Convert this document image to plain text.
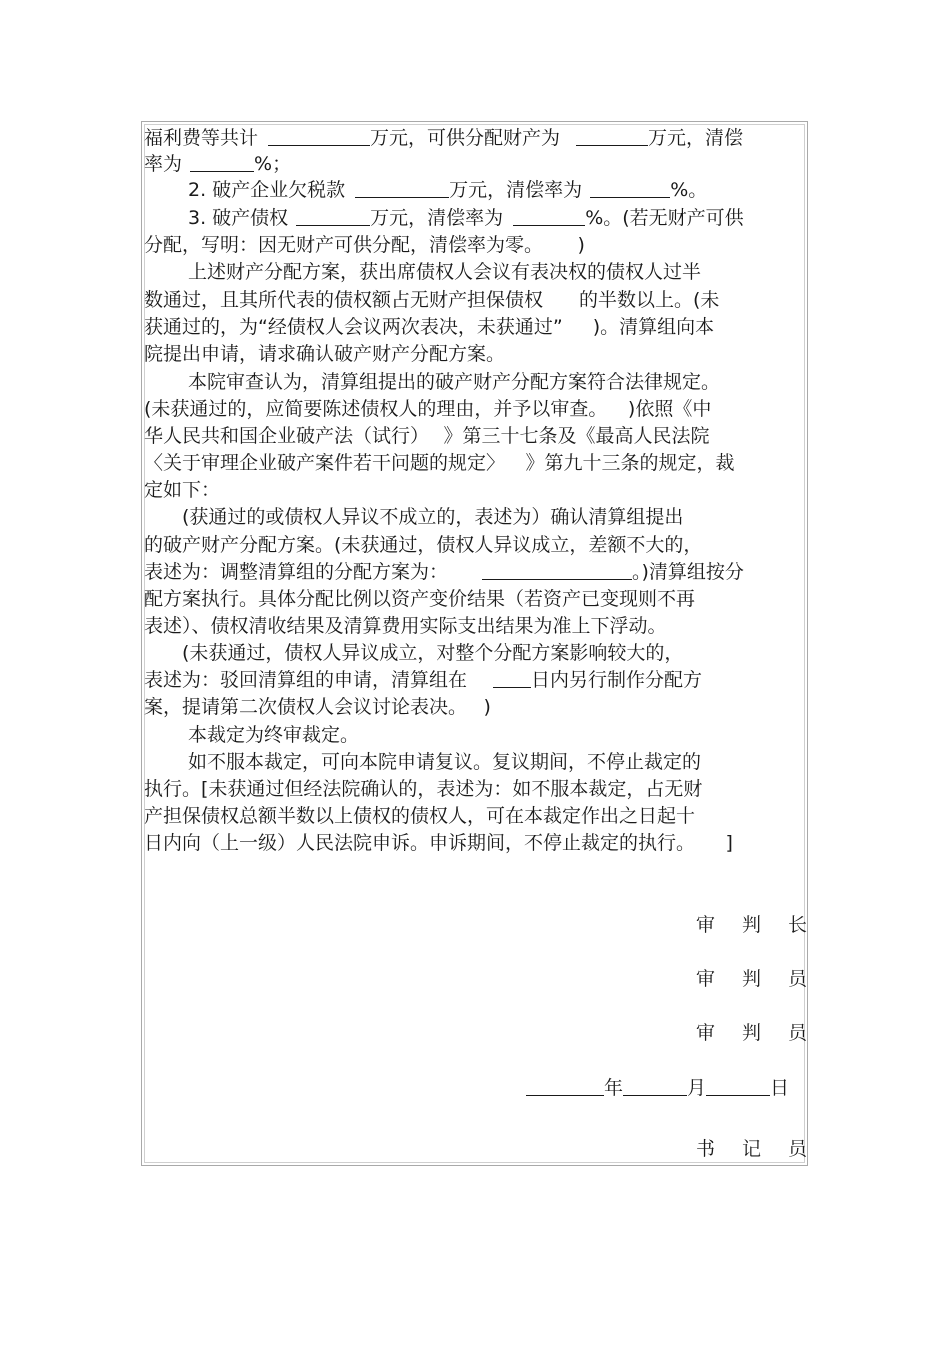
福利费等共计	万元，可供分配财产为	万元，清偿
率为	%；
2. 破产企业欠税款	万元，清偿率为	%。
3. 破产债权	万元，清偿率为	%。(若无财产可供
分配，写明：因无财产可供分配，清偿率为零。 )
上述财产分配方案，获出席债权人会议有表决权的债权人过半
数通过，且其所代表的债权额占无财产担保债权 的半数以上。(未
获通过的，为“经债权人会议两次表决，未获通过” )。清算组向本
院提出申请，请求确认破产财产分配方案。
本院审查认为，清算组提出的破产财产分配方案符合法律规定。
(未获通过的，应简要陈述债权人的理由，并予以审查。 )依照《中
华人民共和国企业破产法（试行） 》第三十七条及《最高人民法院
〈关于审理企业破产案件若干问题的规定〉 》第九十三条的规定，裁
定如下：
(获通过的或债权人异议不成立的，表述为）确认清算组提出
的破产财产分配方案。(未获通过，债权人异议成立，差额不大的，
表述为：调整清算组的分配方案为：	。)清算组按分
配方案执行。具体分配比例以资产变价结果（若资产已变现则不再
表述）、债权清收结果及清算费用实际支出结果为准上下浮动。
(未获通过，债权人异议成立，对整个分配方案影响较大的，
表述为：驳回清算组的申请，清算组在	日内另行制作分配方
案，提请第二次债权人会议讨论表决。 )
本裁定为终审裁定。
如不服本裁定，可向本院申请复议。复议期间，不停止裁定的
执行。[未获通过但经法院确认的，表述为：如不服本裁定，占无财
产担保债权总额半数以上债权的债权人，可在本裁定作出之日起十
日内向（上一级）人民法院申诉。申诉期间，不停止裁定的执行。 ]
审 判 长
审 判 员
审 判 员
年	月	日
书 记 员
